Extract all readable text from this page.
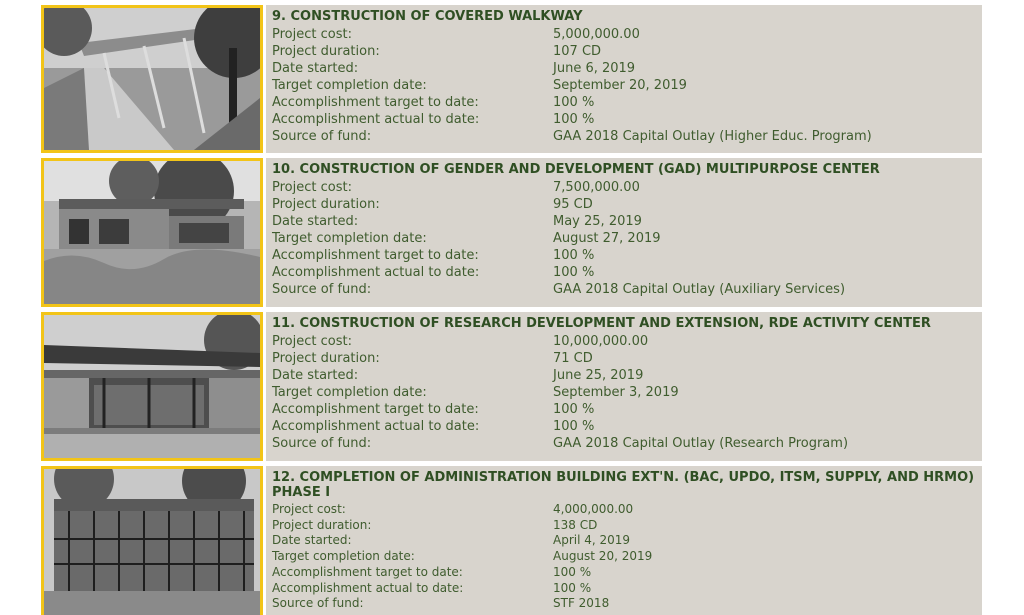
9. CONSTRUCTION OF COVERED WALKWAY
Project cost:	5,000,000.00
Project duration:	107 CD
Date started:	June 6, 2019
Target completion date:	September 20, 2019
Accomplishment target to date:	100 %
Accomplishment actual to date:	100 %
Source of fund:	GAA 2018 Capital Outlay (Higher Educ. Program)
10. CONSTRUCTION OF GENDER AND DEVELOPMENT (GAD) MULTIPURPOSE CENTER
Project cost:	7,500,000.00
Project duration:	95 CD
Date started:	May 25, 2019
Target completion date:	August 27, 2019
Accomplishment target to date:	100 %
Accomplishment actual to date:	100 %
Source of fund:	GAA 2018 Capital Outlay (Auxiliary Services)
11. CONSTRUCTION OF RESEARCH DEVELOPMENT AND EXTENSION, RDE ACTIVITY CENTER
Project cost:	10,000,000.00
Project duration:	71 CD
Date started:	June 25, 2019
Target completion date:	September 3, 2019
Accomplishment target to date:	100 %
Accomplishment actual to date:	100 %
Source of fund:	GAA 2018 Capital Outlay (Research Program)
12. COMPLETION OF ADMINISTRATION BUILDING EXT'N. (BAC, UPDO, ITSM, SUPPLY, AND HRMO) PHASE I
Project cost:	4,000,000.00
Project duration:	138 CD
Date started:	April 4, 2019
Target completion date:	August 20, 2019
Accomplishment target to date:	100 %
Accomplishment actual to date:	100 %
Source of fund:	STF 2018
